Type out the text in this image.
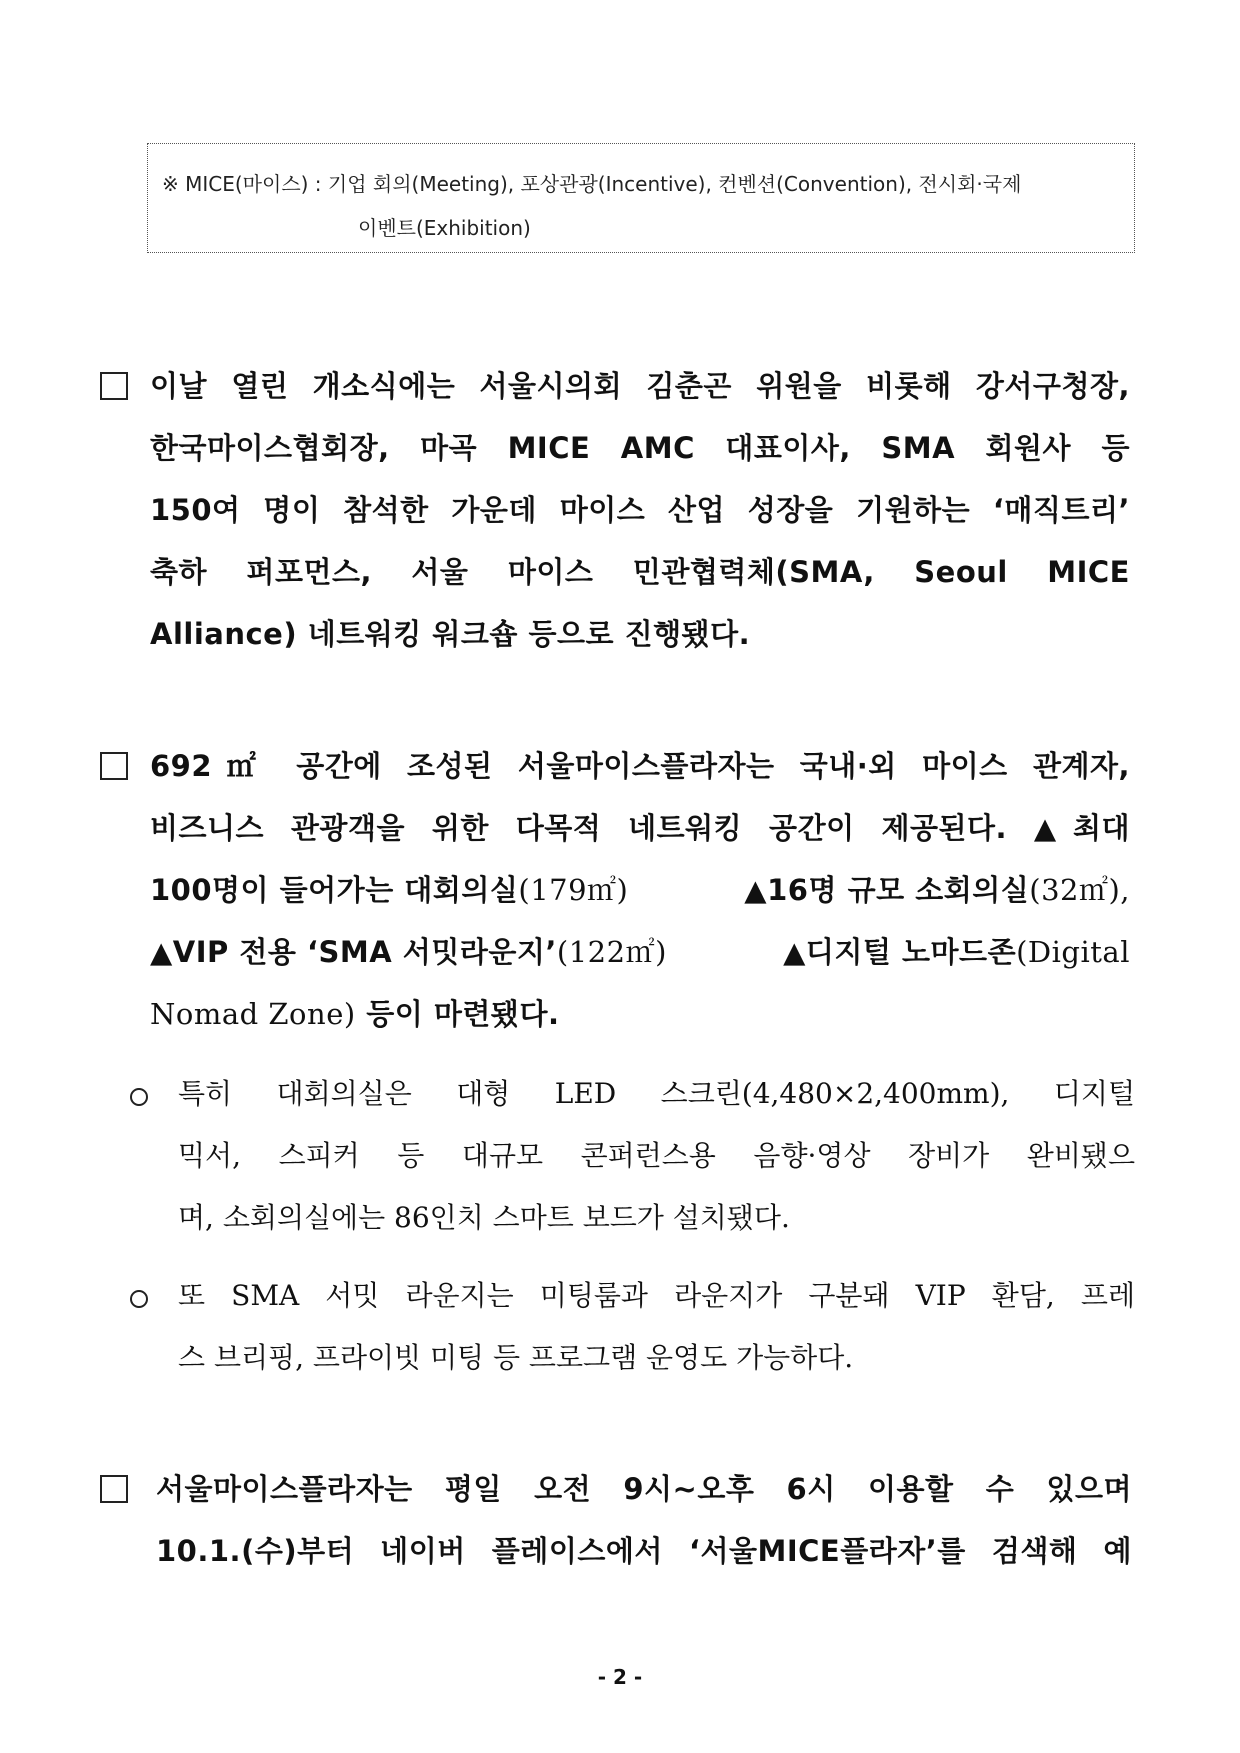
※ MICE(마이스) : 기업 회의(Meeting), 포상관광(Incentive), 컨벤션(Convention), 전시회·국제
이벤트(Exhibition)
이날 열린 개소식에는 서울시의회 김춘곤 위원을 비롯해 강서구청장,
한국마이스협회장, 마곡 MICE AMC 대표이사, SMA 회원사 등
150여 명이 참석한 가운데 마이스 산업 성장을 기원하는 ‘매직트리’
축하 퍼포먼스, 서울 마이스 민관협력체(SMA, Seoul MICE
Alliance) 네트워킹 워크숍 등으로 진행됐다.
692㎡ 공간에 조성된 서울마이스플라자는 국내·외 마이스 관계자,
비즈니스 관광객을 위한 다목적 네트워킹 공간이 제공된다. ▲최대
100명이 들어가는 대회의실(179㎡)	▲16명 규모 소회의실(32㎡),
▲VIP 전용 ‘SMA 서밋라운지’(122㎡)	▲디지털 노마드존(Digital
Nomad Zone)
등이 마련됐다.
특히 대회의실은 대형 LED 스크린(4,480×2,400mm), 디지털
믹서, 스피커 등 대규모 콘퍼런스용 음향·영상 장비가 완비됐으
며, 소회의실에는 86인치 스마트 보드가 설치됐다.
또 SMA 서밋 라운지는 미팅룸과 라운지가 구분돼 VIP 환담, 프레
스 브리핑, 프라이빗 미팅 등 프로그램 운영도 가능하다.
서울마이스플라자는 평일 오전 9시~오후 6시 이용할 수 있으며
10.1.(수)부터 네이버 플레이스에서 ‘서울MICE플라자’를 검색해 예
- 2 -
